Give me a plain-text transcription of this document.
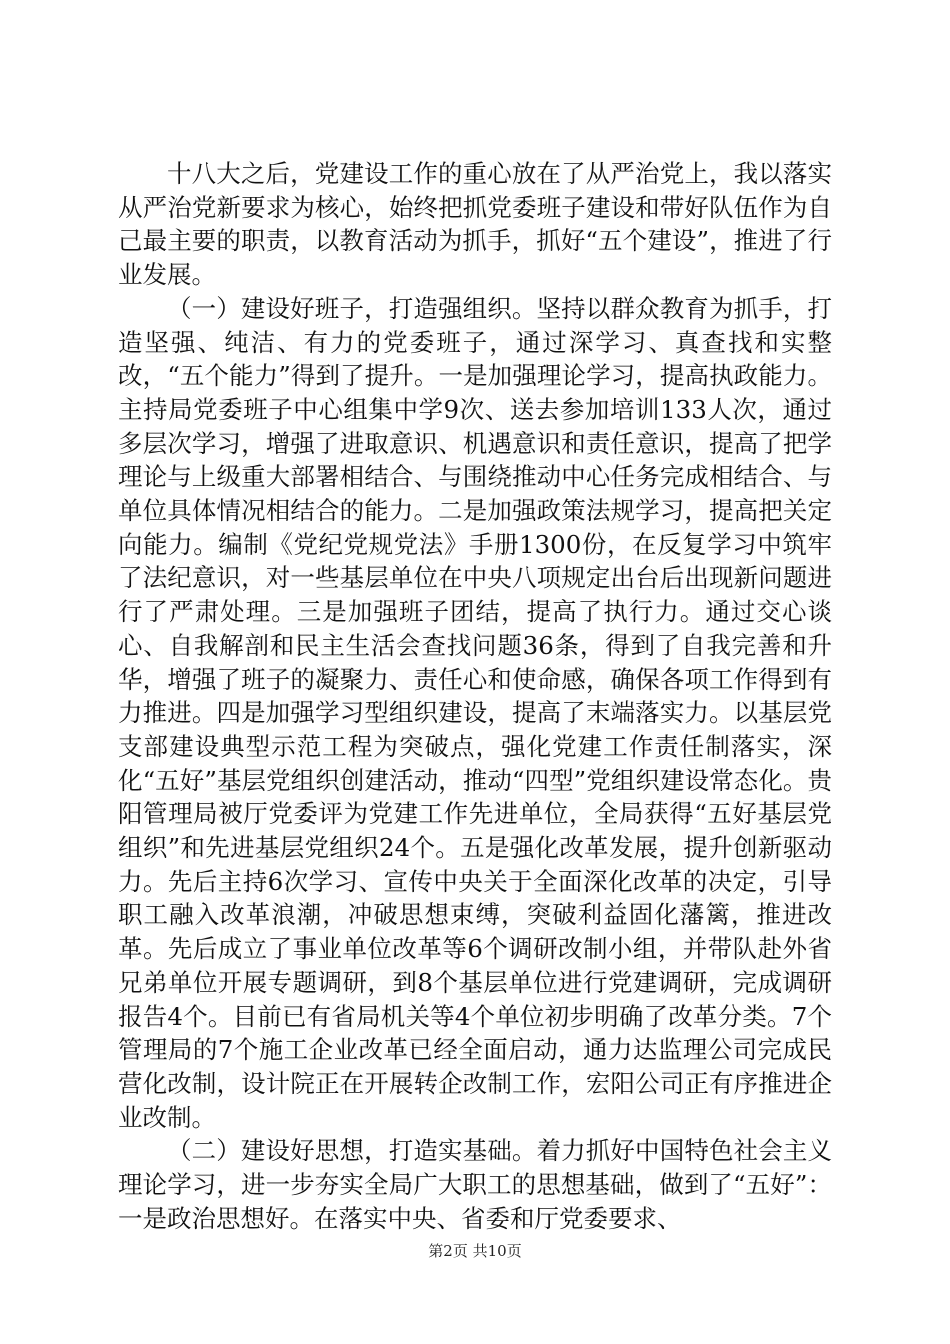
十八大之后，党建设工作的重心放在了从严治党上，我以落实从严治党新要求为核心，始终把抓党委班子建设和带好队伍作为自己最主要的职责，以教育活动为抓手，抓好“五个建设”，推进了行业发展。

（一）建设好班子，打造强组织。坚持以群众教育为抓手，打造坚强、纯洁、有力的党委班子，通过深学习、真查找和实整改，“五个能力”得到了提升。一是加强理论学习，提高执政能力。主持局党委班子中心组集中学9次、送去参加培训133人次，通过多层次学习，增强了进取意识、机遇意识和责任意识，提高了把学理论与上级重大部署相结合、与围绕推动中心任务完成相结合、与单位具体情况相结合的能力。二是加强政策法规学习，提高把关定向能力。编制《党纪党规党法》手册1300份，在反复学习中筑牢了法纪意识，对一些基层单位在中央八项规定出台后出现新问题进行了严肃处理。三是加强班子团结，提高了执行力。通过交心谈心、自我解剖和民主生活会查找问题36条，得到了自我完善和升华，增强了班子的凝聚力、责任心和使命感，确保各项工作得到有力推进。四是加强学习型组织建设，提高了末端落实力。以基层党支部建设典型示范工程为突破点，强化党建工作责任制落实，深化“五好”基层党组织创建活动，推动“四型”党组织建设常态化。贵阳管理局被厅党委评为党建工作先进单位，全局获得“五好基层党组织”和先进基层党组织24个。五是强化改革发展，提升创新驱动力。先后主持6次学习、宣传中央关于全面深化改革的决定，引导职工融入改革浪潮，冲破思想束缚，突破利益固化藩篱，推进改革。先后成立了事业单位改革等6个调研改制小组，并带队赴外省兄弟单位开展专题调研，到8个基层单位进行党建调研，完成调研报告4个。目前已有省局机关等4个单位初步明确了改革分类。7个管理局的7个施工企业改革已经全面启动，通力达监理公司完成民营化改制，设计院正在开展转企改制工作，宏阳公司正有序推进企业改制。

（二）建设好思想，打造实基础。着力抓好中国特色社会主义理论学习，进一步夯实全局广大职工的思想基础，做到了“五好”：一是政治思想好。在落实中央、省委和厅党委要求、

第2页 共10页
